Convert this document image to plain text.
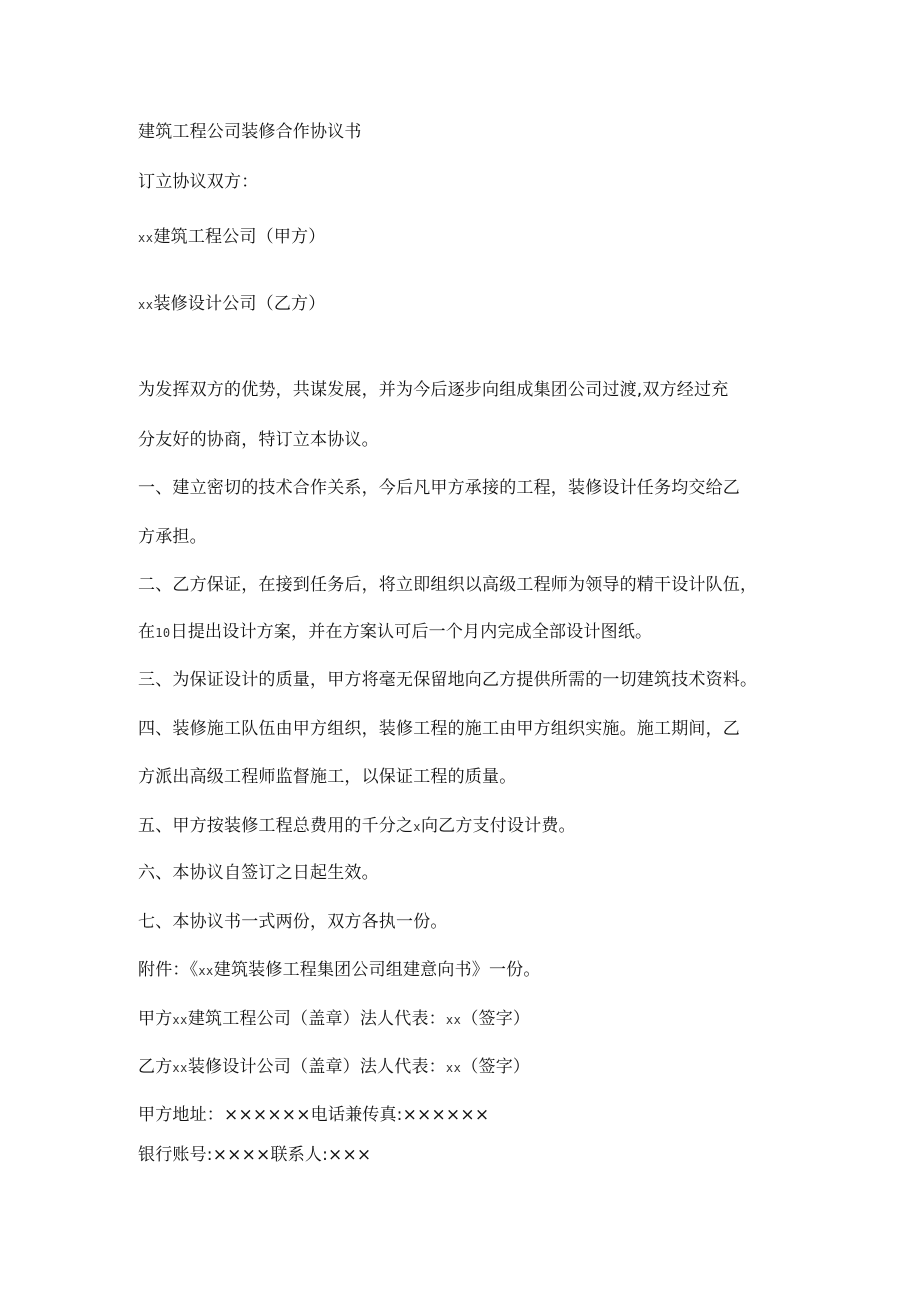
建筑工程公司装修合作协议书
订立协议双方：
xx建筑工程公司（甲方）
xx装修设计公司（乙方）
为发挥双方的优势，共谋发展，并为今后逐步向组成集团公司过渡,双方经过充
分友好的协商，特订立本协议。
一、建立密切的技术合作关系，今后凡甲方承接的工程，装修设计任务均交给乙
方承担。
二、乙方保证，在接到任务后，将立即组织以高级工程师为领导的精干设计队伍，
在10日提出设计方案，并在方案认可后一个月内完成全部设计图纸。
三、为保证设计的质量，甲方将毫无保留地向乙方提供所需的一切建筑技术资料。
四、装修施工队伍由甲方组织，装修工程的施工由甲方组织实施。施工期间，乙
方派出高级工程师监督施工，以保证工程的质量。
五、甲方按装修工程总费用的千分之x向乙方支付设计费。
六、本协议自签订之日起生效。
七、本协议书一式两份，双方各执一份。
附件：《xx建筑装修工程集团公司组建意向书》一份。
甲方xx建筑工程公司（盖章）法人代表：xx（签字）
乙方xx装修设计公司（盖章）法人代表：xx（签字）
甲方地址：××××××电话兼传真:××××××
银行账号:××××联系人:×××
